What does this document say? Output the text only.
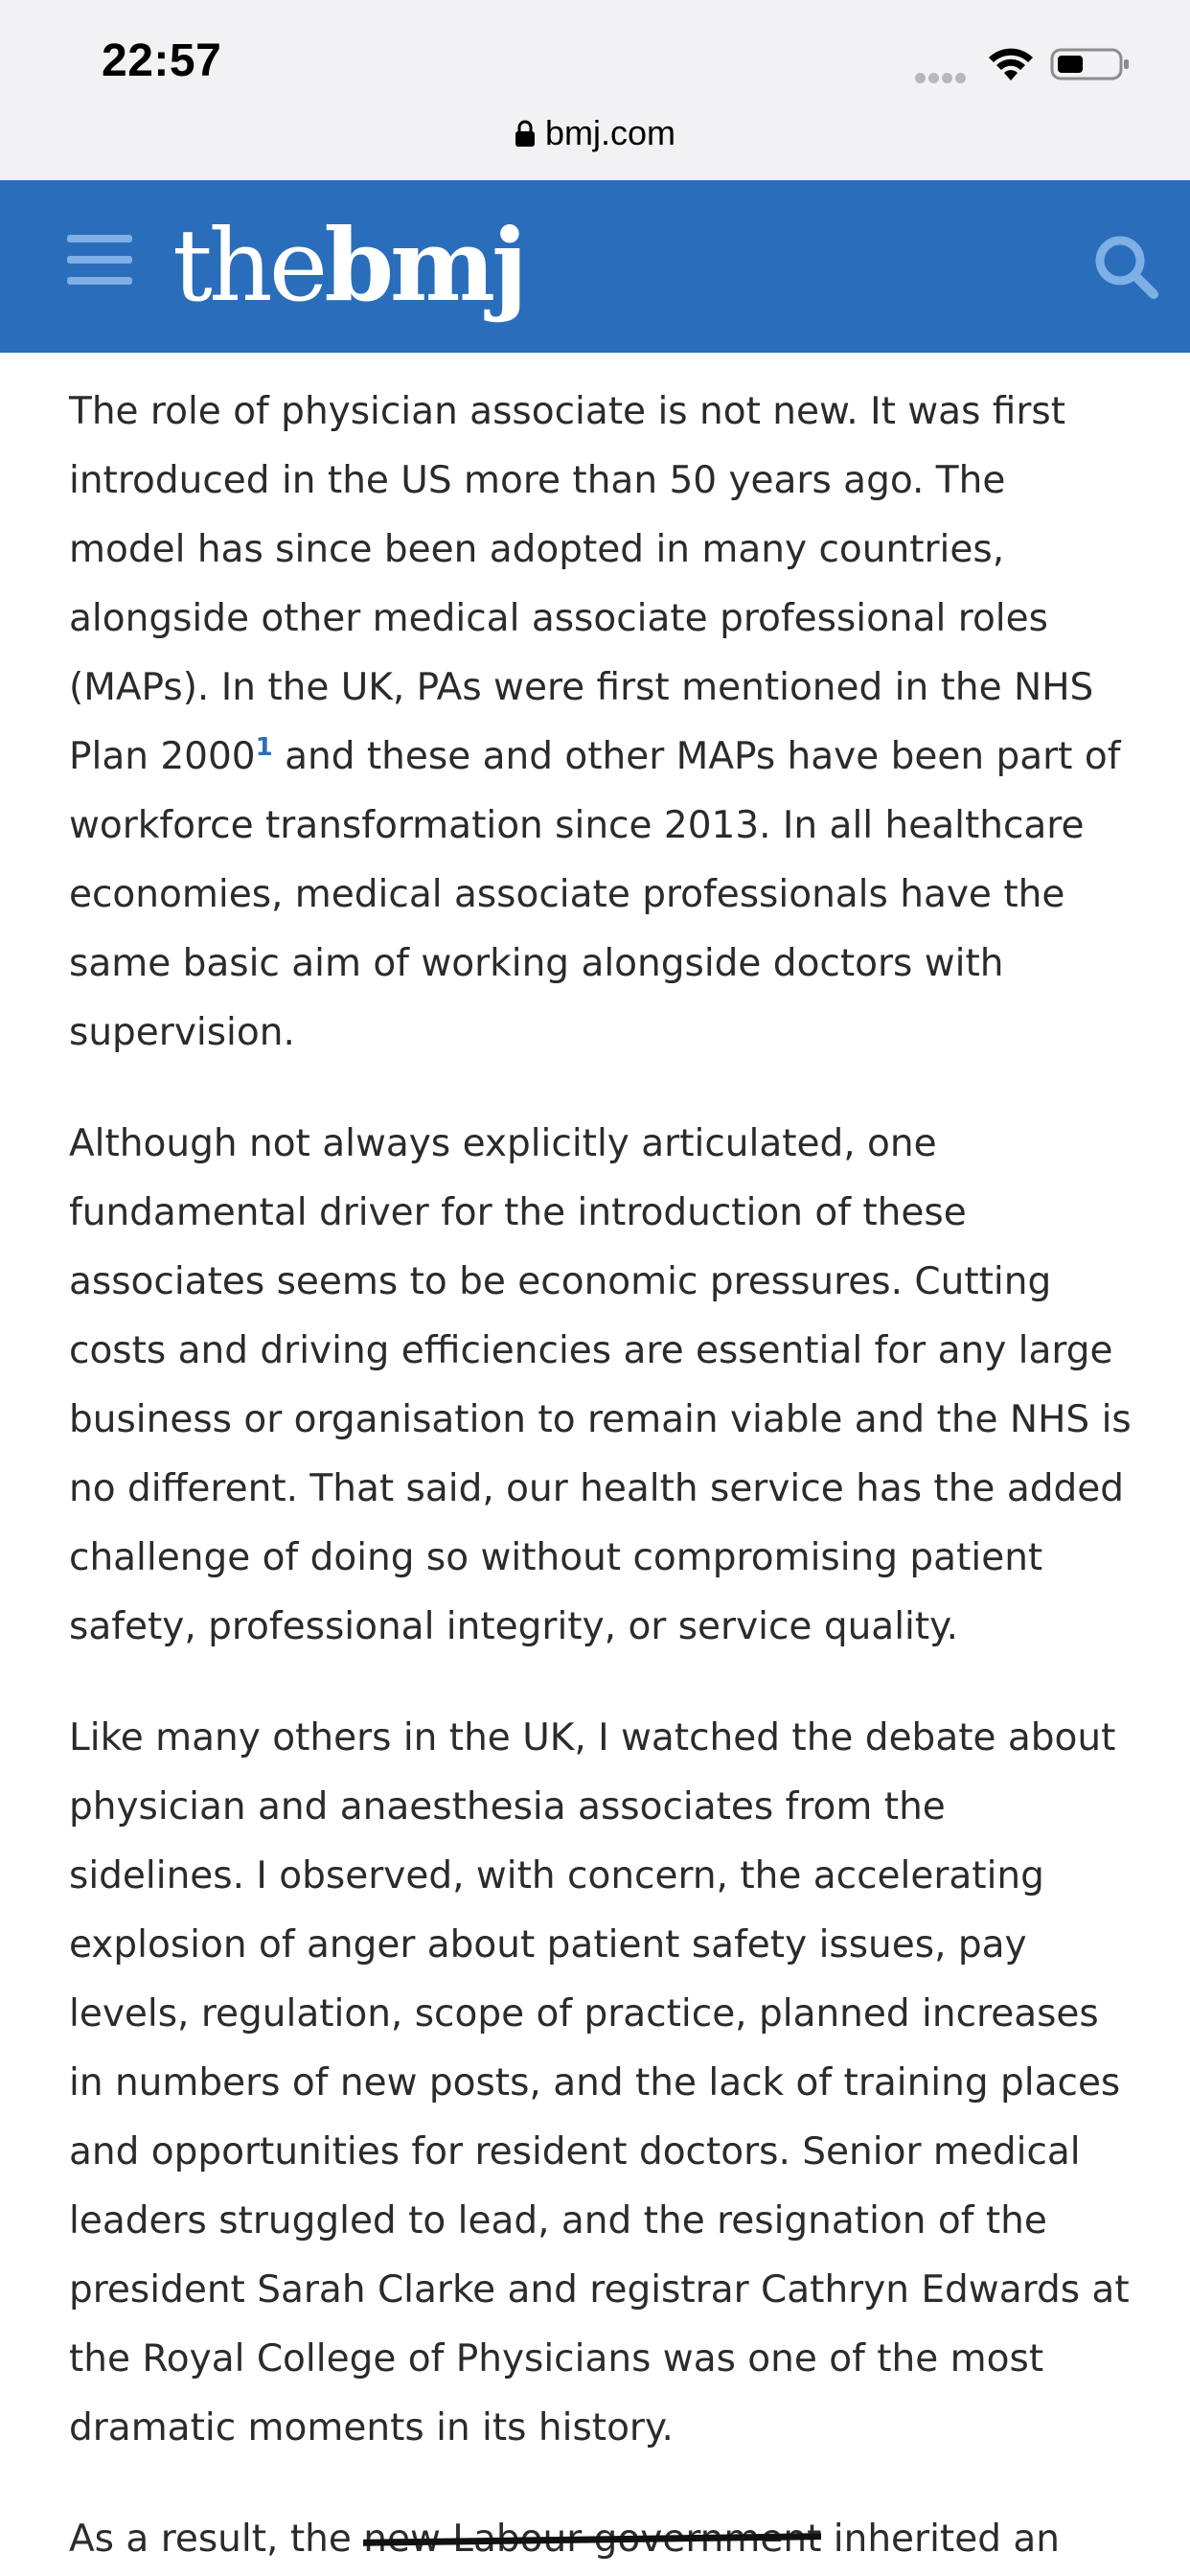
22:57
bmj.com
thebmj

The role of physician associate is not new. It was first introduced in the US more than 50 years ago. The model has since been adopted in many countries, alongside other medical associate professional roles (MAPs). In the UK, PAs were first mentioned in the NHS Plan 2000$^1$ and these and other MAPs have been part of workforce transformation since 2013. In all healthcare economies, medical associate professionals have the same basic aim of working alongside doctors with supervision.

Although not always explicitly articulated, one fundamental driver for the introduction of these associates seems to be economic pressures. Cutting costs and driving efficiencies are essential for any large business or organisation to remain viable and the NHS is no different. That said, our health service has the added challenge of doing so without compromising patient safety, professional integrity, or service quality.

Like many others in the UK, I watched the debate about physician and anaesthesia associates from the sidelines. I observed, with concern, the accelerating explosion of anger about patient safety issues, pay levels, regulation, scope of practice, planned increases in numbers of new posts, and the lack of training places and opportunities for resident doctors. Senior medical leaders struggled to lead, and the resignation of the president Sarah Clarke and registrar Cathryn Edwards at the Royal College of Physicians was one of the most dramatic moments in its history.

As a result, the	inherited an
